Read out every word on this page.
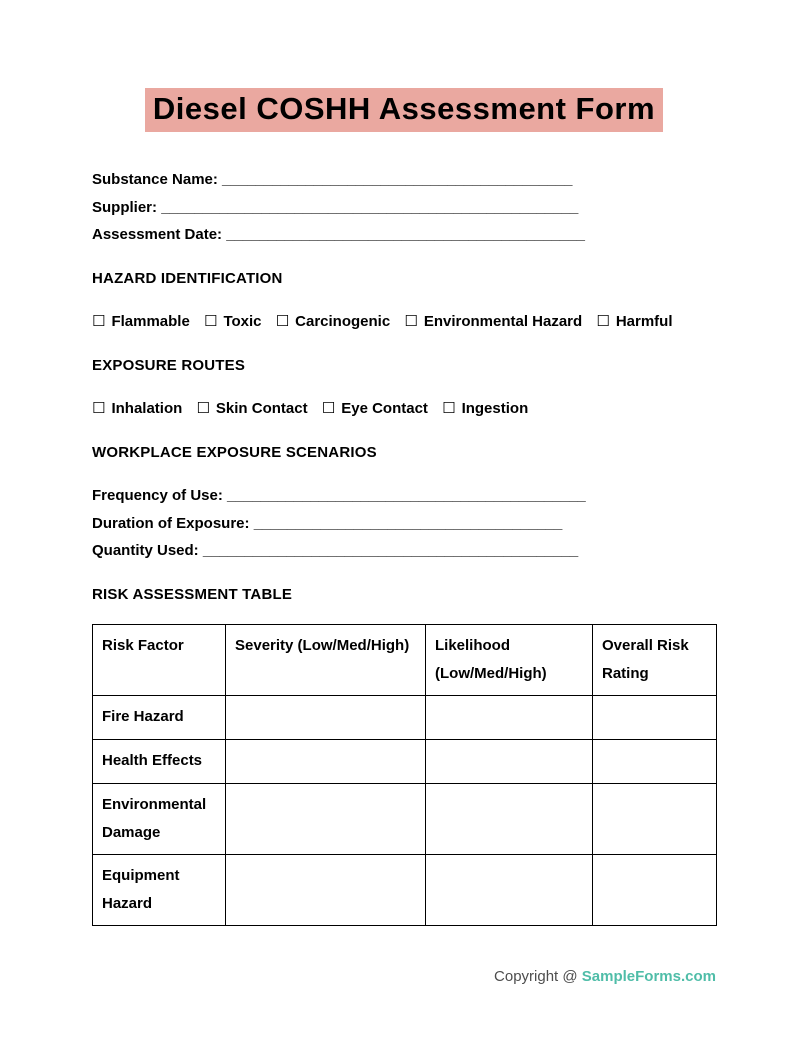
Diesel COSHH Assessment Form
Substance Name: __________________________________________
Supplier: __________________________________________________
Assessment Date: ___________________________________________
HAZARD IDENTIFICATION
☐ Flammable ☐ Toxic ☐ Carcinogenic ☐ Environmental Hazard ☐ Harmful
EXPOSURE ROUTES
☐ Inhalation ☐ Skin Contact ☐ Eye Contact ☐ Ingestion
WORKPLACE EXPOSURE SCENARIOS
Frequency of Use: ___________________________________________
Duration of Exposure: _____________________________________
Quantity Used: _____________________________________________
RISK ASSESSMENT TABLE
Risk Factor	Severity (Low/Med/High)	Likelihood (Low/Med/High)	Overall Risk Rating
Fire Hazard			
Health Effects			
Environmental Damage			
Equipment Hazard			
Copyright @ SampleForms.com
